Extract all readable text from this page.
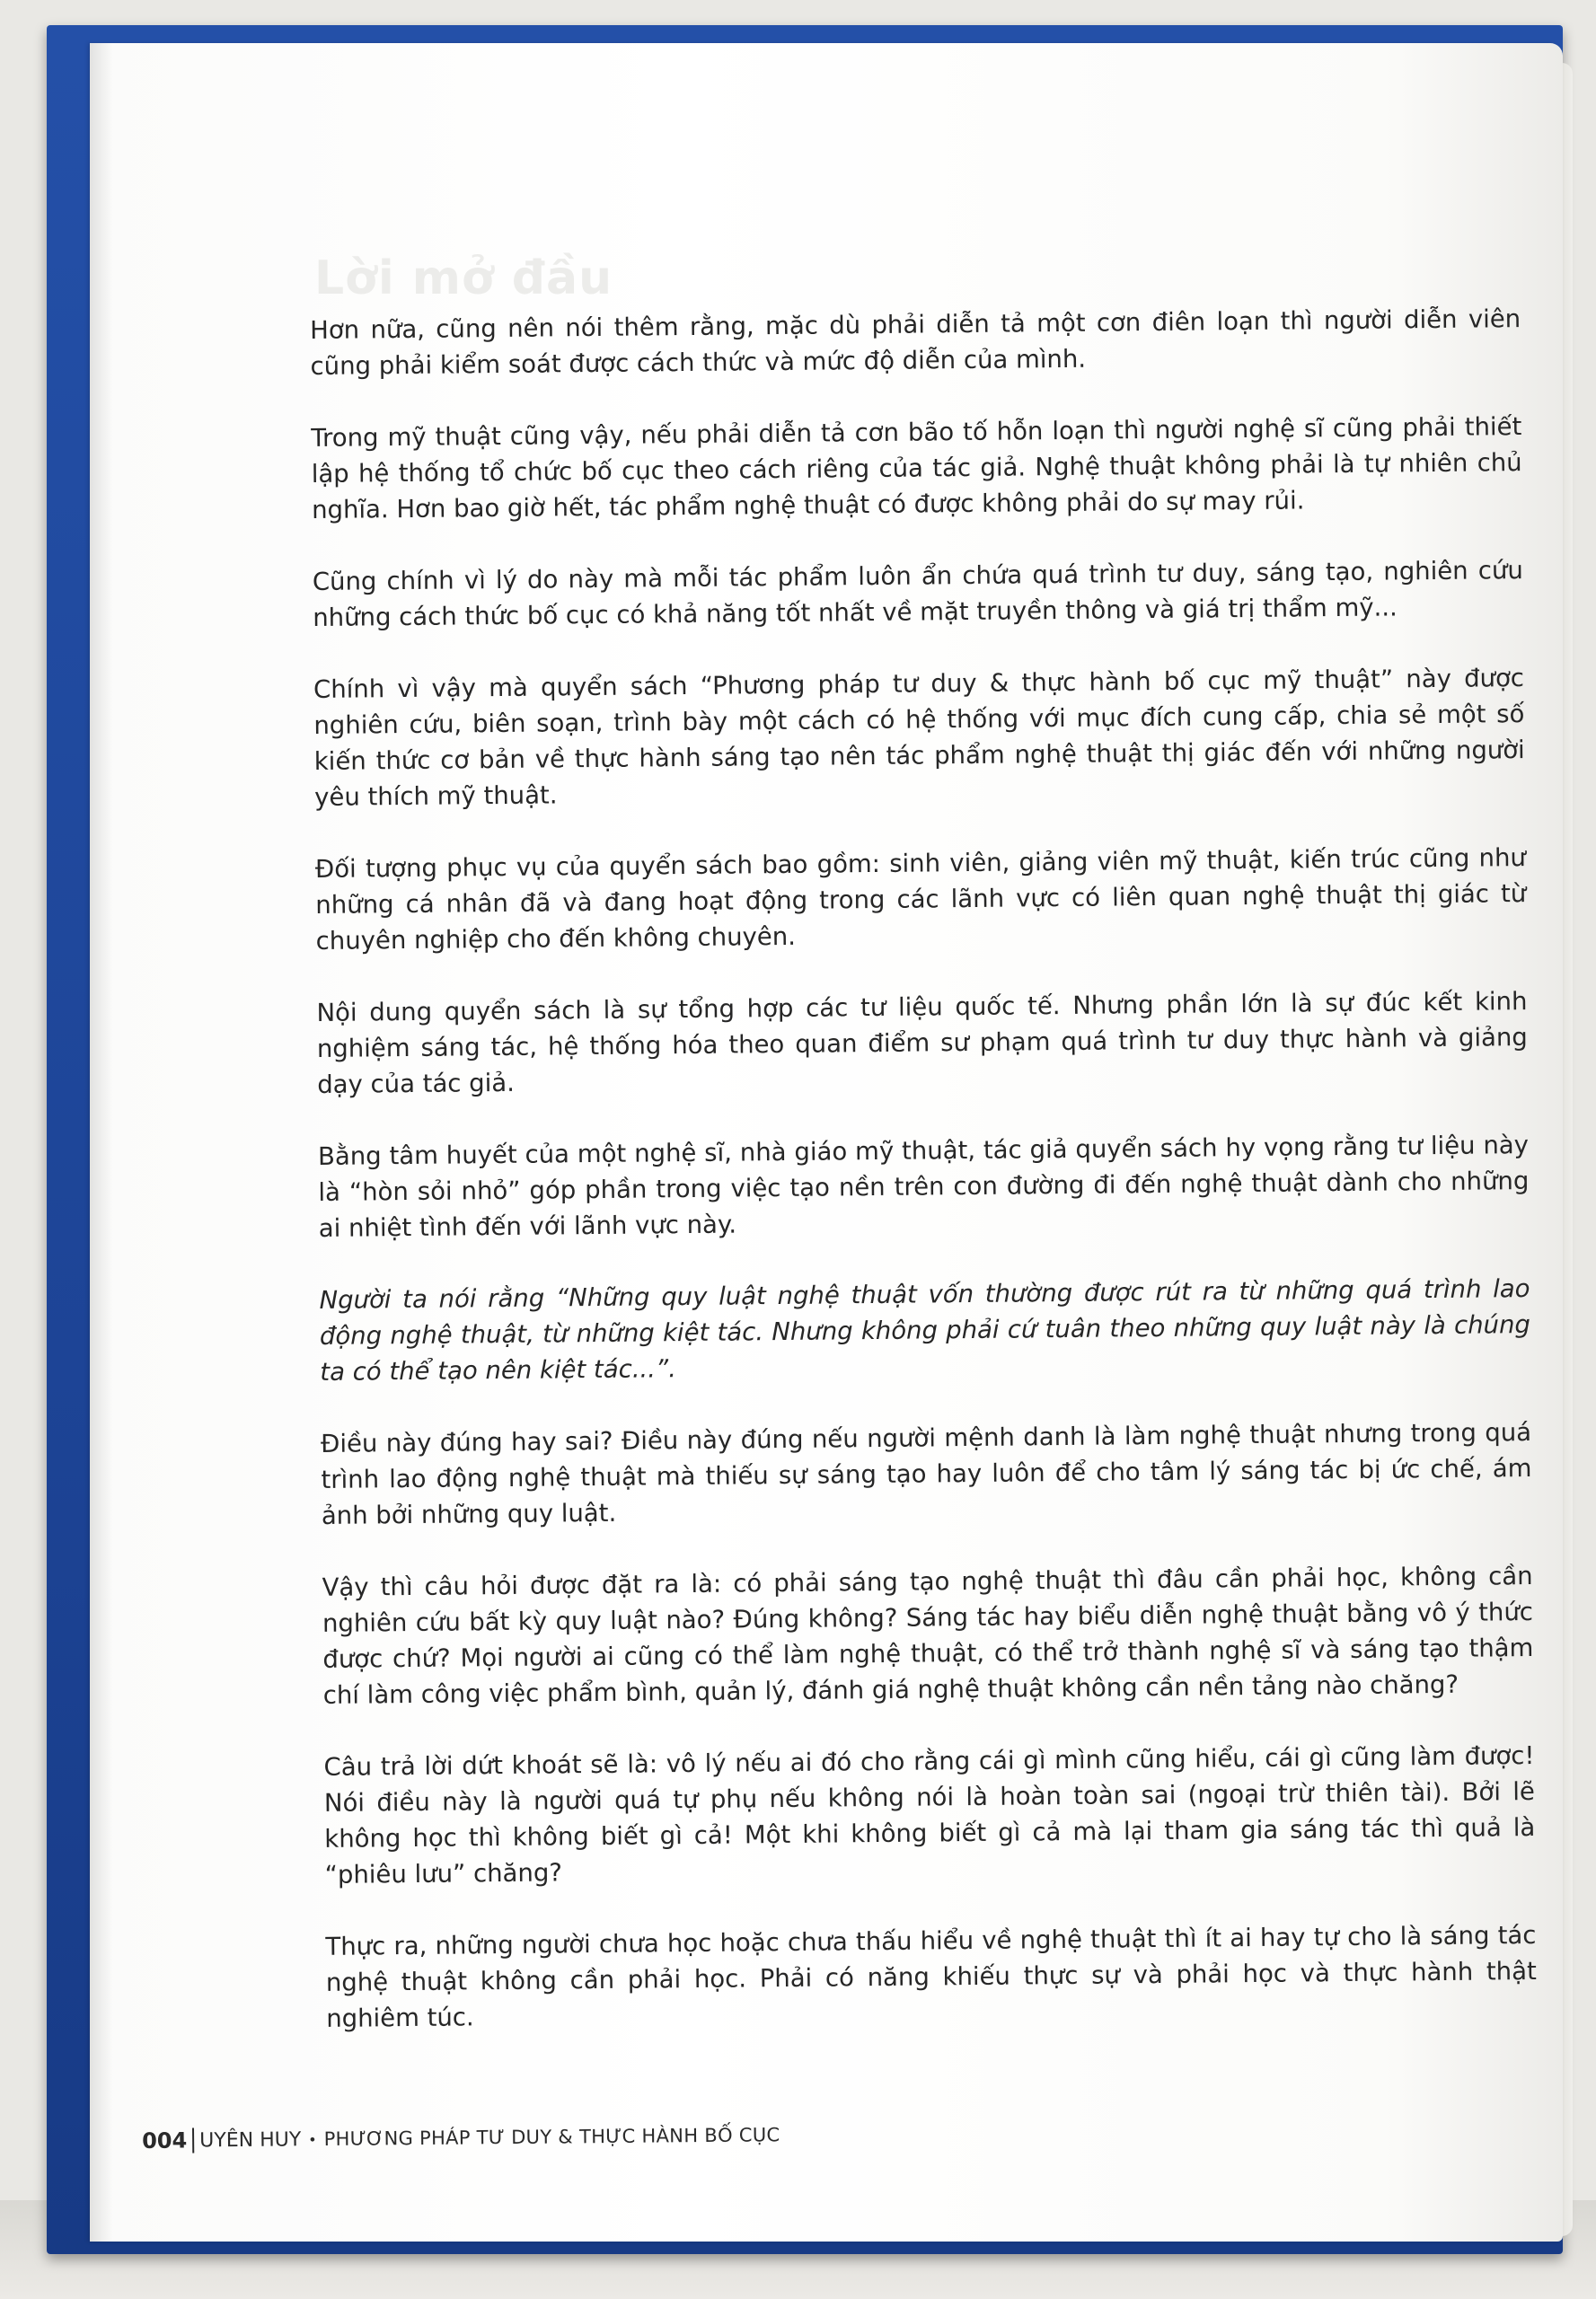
Lời mở đầu

Hơn nữa, cũng nên nói thêm rằng, mặc dù phải diễn tả một cơn điên loạn thì người diễn viên cũng phải kiểm soát được cách thức và mức độ diễn của mình.

Trong mỹ thuật cũng vậy, nếu phải diễn tả cơn bão tố hỗn loạn thì người nghệ sĩ cũng phải thiết lập hệ thống tổ chức bố cục theo cách riêng của tác giả. Nghệ thuật không phải là tự nhiên chủ nghĩa. Hơn bao giờ hết, tác phẩm nghệ thuật có được không phải do sự may rủi.

Cũng chính vì lý do này mà mỗi tác phẩm luôn ẩn chứa quá trình tư duy, sáng tạo, nghiên cứu những cách thức bố cục có khả năng tốt nhất về mặt truyền thông và giá trị thẩm mỹ...

Chính vì vậy mà quyển sách “Phương pháp tư duy & thực hành bố cục mỹ thuật” này được nghiên cứu, biên soạn, trình bày một cách có hệ thống với mục đích cung cấp, chia sẻ một số kiến thức cơ bản về thực hành sáng tạo nên tác phẩm nghệ thuật thị giác đến với những người yêu thích mỹ thuật.

Đối tượng phục vụ của quyển sách bao gồm: sinh viên, giảng viên mỹ thuật, kiến trúc cũng như những cá nhân đã và đang hoạt động trong các lãnh vực có liên quan nghệ thuật thị giác từ chuyên nghiệp cho đến không chuyên.

Nội dung quyển sách là sự tổng hợp các tư liệu quốc tế. Nhưng phần lớn là sự đúc kết kinh nghiệm sáng tác, hệ thống hóa theo quan điểm sư phạm quá trình tư duy thực hành và giảng dạy của tác giả.

Bằng tâm huyết của một nghệ sĩ, nhà giáo mỹ thuật, tác giả quyển sách hy vọng rằng tư liệu này là “hòn sỏi nhỏ” góp phần trong việc tạo nền trên con đường đi đến nghệ thuật dành cho những ai nhiệt tình đến với lãnh vực này.

Người ta nói rằng “Những quy luật nghệ thuật vốn thường được rút ra từ những quá trình lao động nghệ thuật, từ những kiệt tác. Nhưng không phải cứ tuân theo những quy luật này là chúng ta có thể tạo nên kiệt tác...”.

Điều này đúng hay sai? Điều này đúng nếu người mệnh danh là làm nghệ thuật nhưng trong quá trình lao động nghệ thuật mà thiếu sự sáng tạo hay luôn để cho tâm lý sáng tác bị ức chế, ám ảnh bởi những quy luật.

Vậy thì câu hỏi được đặt ra là: có phải sáng tạo nghệ thuật thì đâu cần phải học, không cần nghiên cứu bất kỳ quy luật nào? Đúng không? Sáng tác hay biểu diễn nghệ thuật bằng vô ý thức được chứ? Mọi người ai cũng có thể làm nghệ thuật, có thể trở thành nghệ sĩ và sáng tạo thậm chí làm công việc phẩm bình, quản lý, đánh giá nghệ thuật không cần nền tảng nào chăng?

Câu trả lời dứt khoát sẽ là: vô lý nếu ai đó cho rằng cái gì mình cũng hiểu, cái gì cũng làm được! Nói điều này là người quá tự phụ nếu không nói là hoàn toàn sai (ngoại trừ thiên tài). Bởi lẽ không học thì không biết gì cả! Một khi không biết gì cả mà lại tham gia sáng tác thì quả là “phiêu lưu” chăng?

Thực ra, những người chưa học hoặc chưa thấu hiểu về nghệ thuật thì ít ai hay tự cho là sáng tác nghệ thuật không cần phải học. Phải có năng khiếu thực sự và phải học và thực hành thật nghiêm túc.

004 UYÊN HUY • PHƯƠNG PHÁP TƯ DUY & THỰC HÀNH BỐ CỤC
